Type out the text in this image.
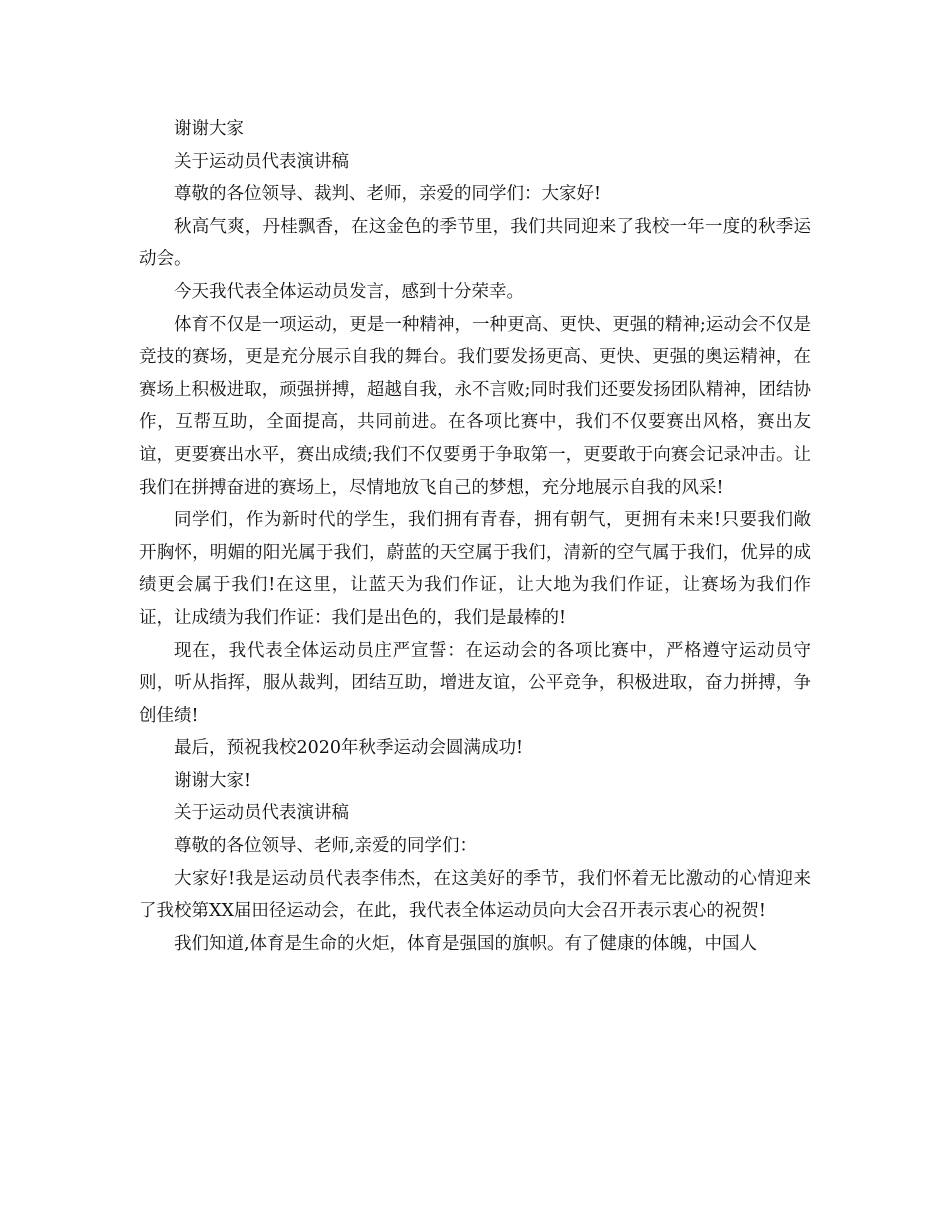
谢谢大家

关于运动员代表演讲稿

尊敬的各位领导、裁判、老师，亲爱的同学们：大家好!

秋高气爽，丹桂飘香，在这金色的季节里，我们共同迎来了我校一年一度的秋季运动会。

今天我代表全体运动员发言，感到十分荣幸。

体育不仅是一项运动，更是一种精神，一种更高、更快、更强的精神;运动会不仅是竞技的赛场，更是充分展示自我的舞台。我们要发扬更高、更快、更强的奥运精神，在赛场上积极进取，顽强拼搏，超越自我，永不言败;同时我们还要发扬团队精神，团结协作，互帮互助，全面提高，共同前进。在各项比赛中，我们不仅要赛出风格，赛出友谊，更要赛出水平，赛出成绩;我们不仅要勇于争取第一，更要敢于向赛会记录冲击。让我们在拼搏奋进的赛场上，尽情地放飞自己的梦想，充分地展示自我的风采!

同学们，作为新时代的学生，我们拥有青春，拥有朝气，更拥有未来!只要我们敞开胸怀，明媚的阳光属于我们，蔚蓝的天空属于我们，清新的空气属于我们，优异的成绩更会属于我们!在这里，让蓝天为我们作证，让大地为我们作证，让赛场为我们作证，让成绩为我们作证：我们是出色的，我们是最棒的!

现在，我代表全体运动员庄严宣誓：在运动会的各项比赛中，严格遵守运动员守则，听从指挥，服从裁判，团结互助，增进友谊，公平竞争，积极进取，奋力拼搏，争创佳绩!

最后，预祝我校2020年秋季运动会圆满成功!

谢谢大家!

关于运动员代表演讲稿

尊敬的各位领导、老师,亲爱的同学们：

大家好!我是运动员代表李伟杰，在这美好的季节，我们怀着无比激动的心情迎来了我校第XX届田径运动会，在此，我代表全体运动员向大会召开表示衷心的祝贺!

我们知道,体育是生命的火炬，体育是强国的旗帜。有了健康的体魄，中国人
